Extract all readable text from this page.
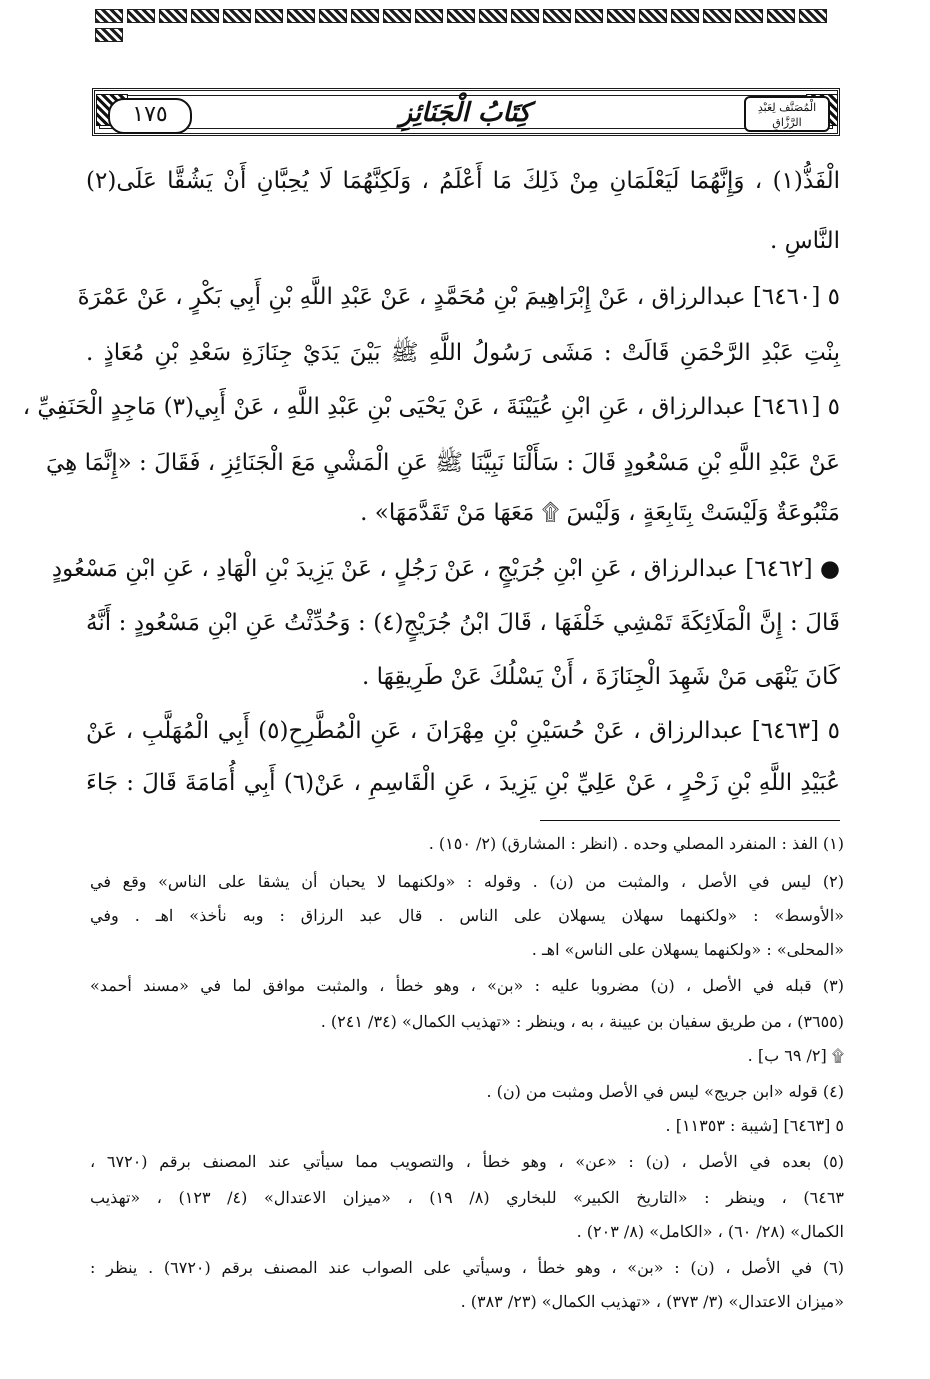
١٧٥	كِتَابُ الْجَنَائِزِ	الْمُصَنَّف لِعَبْدِ الرَّزَّاقِ
الْفَذُّ(١) ، وَإِنَّهُمَا لَيَعْلَمَانِ مِنْ ذَلِكَ مَا أَعْلَمُ ، وَلَكِنَّهُمَا لَا يُحِبَّانِ أَنْ يَشُقَّا عَلَى(٢)
النَّاسِ .
٥ [٦٤٦٠] عبدالرزاق ، عَنْ إِبْرَاهِيمَ بْنِ مُحَمَّدٍ ، عَنْ عَبْدِ اللَّهِ بْنِ أَبِي بَكْرٍ ، عَنْ عَمْرَةَ
بِنْتِ عَبْدِ الرَّحْمَنِ قَالَتْ : مَشَى رَسُولُ اللَّهِ ﷺ بَيْنَ يَدَيْ جِنَازَةِ سَعْدِ بْنِ مُعَاذٍ .
٥ [٦٤٦١] عبدالرزاق ، عَنِ ابْنِ عُيَيْنَةَ ، عَنْ يَحْيَى بْنِ عَبْدِ اللَّهِ ، عَنْ أَبِي(٣) مَاجِدٍ الْحَنَفِيِّ ،
عَنْ عَبْدِ اللَّهِ بْنِ مَسْعُودٍ قَالَ : سَأَلْنَا نَبِيَّنَا ﷺ عَنِ الْمَشْيِ مَعَ الْجَنَائِزِ ، فَقَالَ : «إِنَّمَا هِيَ
مَتْبُوعَةٌ وَلَيْسَتْ بِتَابِعَةٍ ، وَلَيْسَ ۩ مَعَهَا مَنْ تَقَدَّمَهَا» .
● [٦٤٦٢] عبدالرزاق ، عَنِ ابْنِ جُرَيْجٍ ، عَنْ رَجُلٍ ، عَنْ يَزِيدَ بْنِ الْهَادِ ، عَنِ ابْنِ مَسْعُودٍ
قَالَ : إِنَّ الْمَلَائِكَةَ تَمْشِي خَلْفَهَا ، قَالَ ابْنُ جُرَيْجٍ(٤) : وَحُدِّثْتُ عَنِ ابْنِ مَسْعُودٍ : أَنَّهُ
كَانَ يَنْهَى مَنْ شَهِدَ الْجِنَازَةَ ، أَنْ يَسْلُكَ عَنْ طَرِيقِهَا .
٥ [٦٤٦٣] عبدالرزاق ، عَنْ حُسَيْنِ بْنِ مِهْرَانَ ، عَنِ الْمُطَّرِحِ(٥) أَبِي الْمُهَلَّبِ ، عَنْ
عُبَيْدِ اللَّهِ بْنِ زَحْرٍ ، عَنْ عَلِيِّ بْنِ يَزِيدَ ، عَنِ الْقَاسِمِ ، عَنْ(٦) أَبِي أُمَامَةَ قَالَ : جَاءَ
(١) الفذ : المنفرد المصلي وحده . (انظر : المشارق) (٢/ ١٥٠) .
(٢) ليس في الأصل ، والمثبت من (ن) . وقوله : «ولكنهما لا يحبان أن يشقا على الناس» وقع في
«الأوسط» : «ولكنهما سهلان يسهلان على الناس . قال عبد الرزاق : وبه نأخذ» اهـ . وفي
«المحلى» : «ولكنهما يسهلان على الناس» اهـ .
(٣) قبله في الأصل ، (ن) مضروبا عليه : «بن» ، وهو خطأ ، والمثبت موافق لما في «مسند أحمد»
(٣٦٥٥) ، من طريق سفيان بن عيينة ، به ، وينظر : «تهذيب الكمال» (٣٤/ ٢٤١) .
۩ [٢/ ٦٩ ب] .
(٤) قوله «ابن جريج» ليس في الأصل ومثبت من (ن) .
٥ [٦٤٦٣] [شيبة : ١١٣٥٣] .
(٥) بعده في الأصل ، (ن) : «عن» ، وهو خطأ ، والتصويب مما سيأتي عند المصنف برقم (٦٧٢٠ ،
٦٤٦٣) ، وينظر : «التاريخ الكبير» للبخاري (٨/ ١٩) ، «ميزان الاعتدال» (٤/ ١٢٣) ، «تهذيب
الكمال» (٢٨/ ٦٠) ، «الكامل» (٨/ ٢٠٣) .
(٦) في الأصل ، (ن) : «بن» ، وهو خطأ ، وسيأتي على الصواب عند المصنف برقم (٦٧٢٠) . ينظر :
«ميزان الاعتدال» (٣/ ٣٧٣) ، «تهذيب الكمال» (٢٣/ ٣٨٣) .
